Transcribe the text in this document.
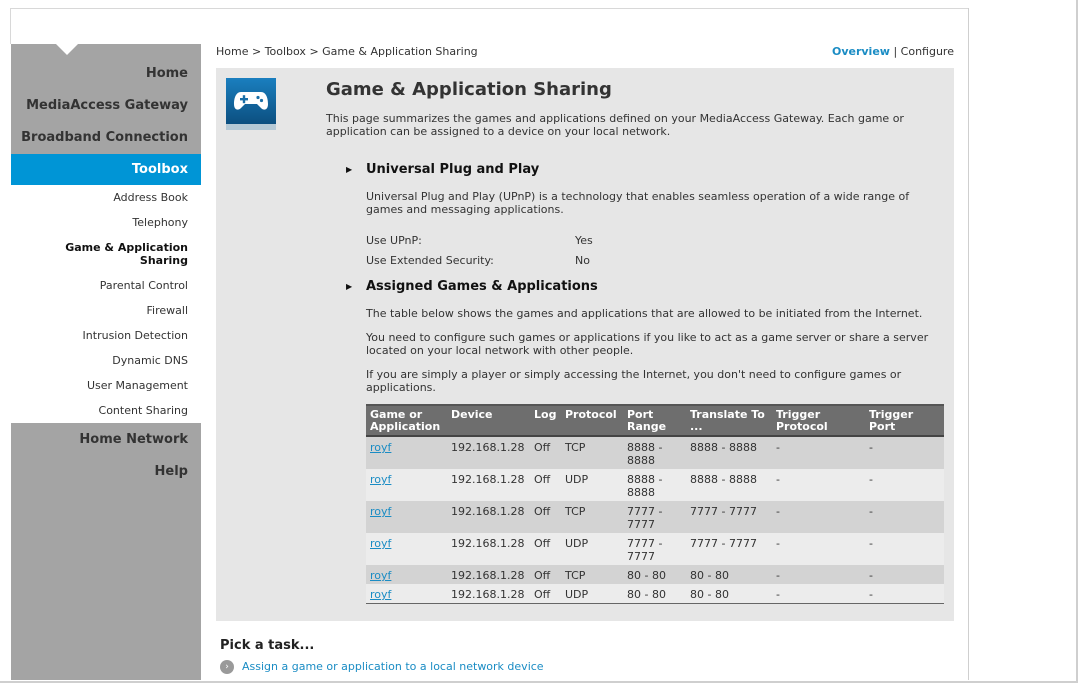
Home
MediaAccess Gateway
Broadband Connection
Toolbox
Address Book
Telephony
Game & Application Sharing
Parental Control
Firewall
Intrusion Detection
Dynamic DNS
User Management
Content Sharing
Home Network
Help
Home > Toolbox > Game & Application Sharing	Overview | Configure
Game & Application Sharing
This page summarizes the games and applications defined on your MediaAccess Gateway. Each game or application can be assigned to a device on your local network.
▶ Universal Plug and Play
Universal Plug and Play (UPnP) is a technology that enables seamless operation of a wide range of games and messaging applications.
Use UPnP:	Yes
Use Extended Security:	No
▶ Assigned Games & Applications
The table below shows the games and applications that are allowed to be initiated from the Internet.
You need to configure such games or applications if you like to act as a game server or share a server located on your local network with other people.
If you are simply a player or simply accessing the Internet, you don't need to configure games or applications.
Game or Application	Device	Log	Protocol	Port Range	Translate To ...	Trigger Protocol	Trigger Port
royf	192.168.1.28	Off	TCP	8888 - 8888	8888 - 8888	-	-
royf	192.168.1.28	Off	UDP	8888 - 8888	8888 - 8888	-	-
royf	192.168.1.28	Off	TCP	7777 - 7777	7777 - 7777	-	-
royf	192.168.1.28	Off	UDP	7777 - 7777	7777 - 7777	-	-
royf	192.168.1.28	Off	TCP	80 - 80	80 - 80	-	-
royf	192.168.1.28	Off	UDP	80 - 80	80 - 80	-	-
Pick a task...
› Assign a game or application to a local network device
